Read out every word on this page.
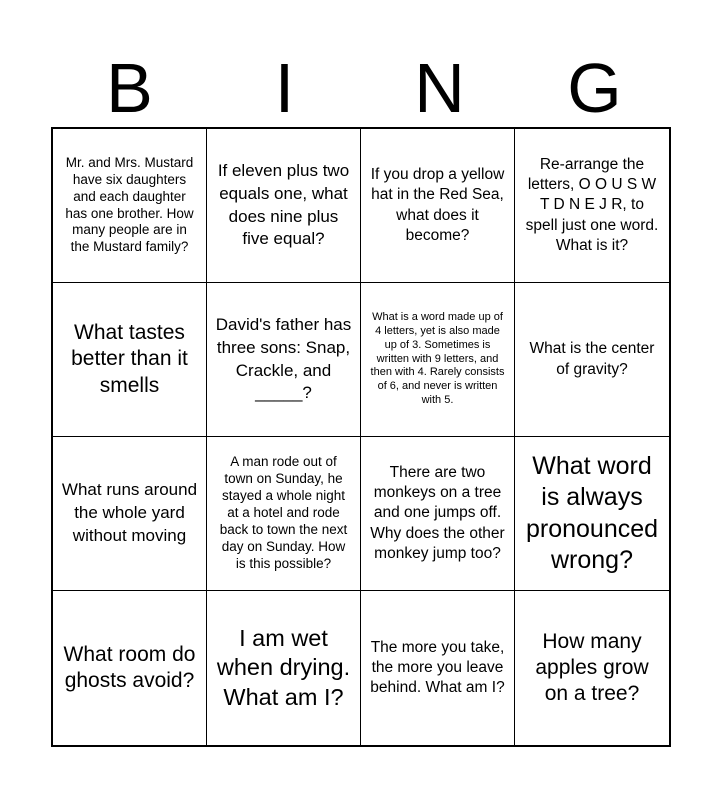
B	I	N	G
Mr. and Mrs. Mustard have six daughters and each daughter has one brother. How many people are in the Mustard family?
If eleven plus two equals one, what does nine plus five equal?
If you drop a yellow hat in the Red Sea, what does it become?
Re-arrange the letters, O O U S W T D N E J R, to spell just one word. What is it?
What tastes better than it smells
David's father has three sons: Snap, Crackle, and _____?
What is a word made up of 4 letters, yet is also made up of 3. Sometimes is written with 9 letters, and then with 4. Rarely consists of 6, and never is written with 5.
What is the center of gravity?
What runs around the whole yard without moving
A man rode out of town on Sunday, he stayed a whole night at a hotel and rode back to town the next day on Sunday. How is this possible?
There are two monkeys on a tree and one jumps off. Why does the other monkey jump too?
What word is always pronounced wrong?
What room do ghosts avoid?
I am wet when drying. What am I?
The more you take, the more you leave behind. What am I?
How many apples grow on a tree?
